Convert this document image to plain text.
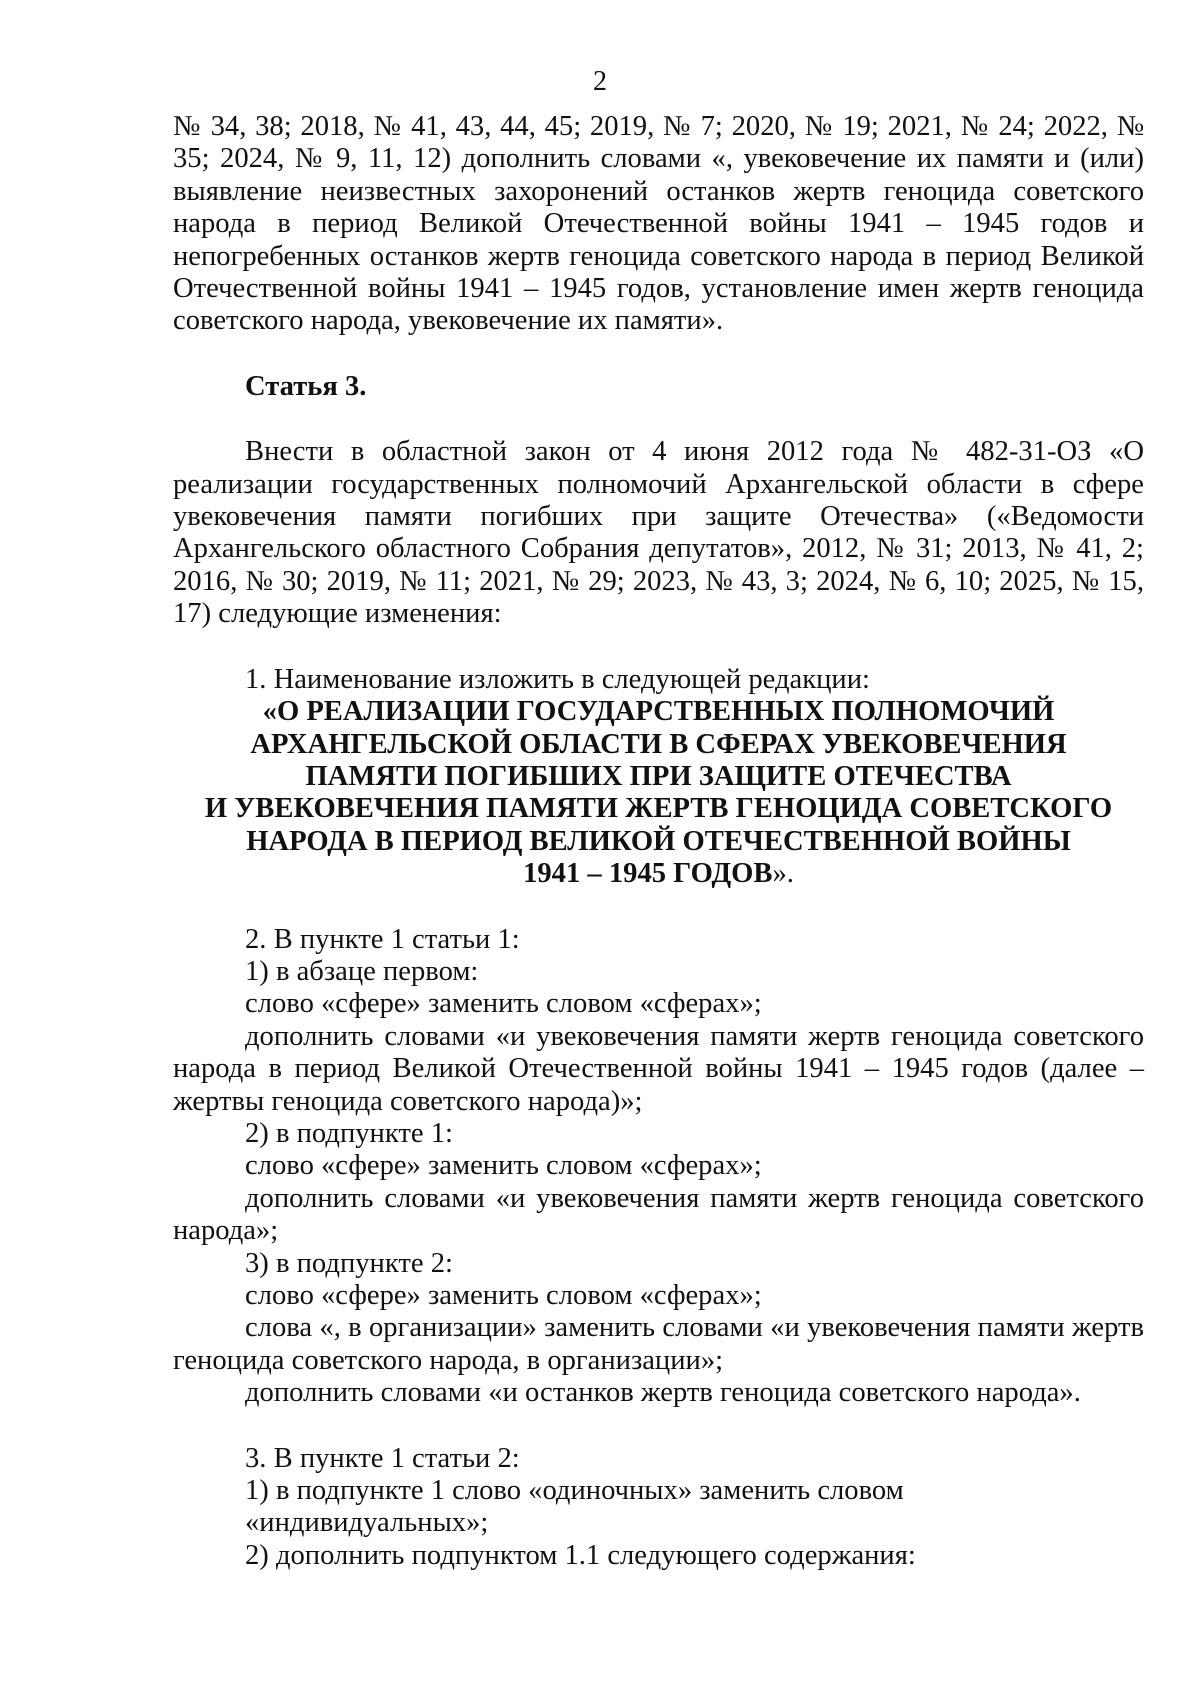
2

№ 34, 38; 2018, № 41, 43, 44, 45; 2019, № 7; 2020, № 19; 2021, № 24; 2022, № 35; 2024, № 9, 11, 12) дополнить словами «, увековечение их памяти и (или) выявление неизвестных захоронений останков жертв геноцида советского народа в период Великой Отечественной войны 1941 – 1945 годов и непогребенных останков жертв геноцида советского народа в период Великой Отечественной войны 1941 – 1945 годов, установление имен жертв геноцида советского народа, увековечение их памяти».

Статья 3.

Внести в областной закон от 4 июня 2012 года № 482-31-ОЗ «О реализации государственных полномочий Архангельской области в сфере увековечения памяти погибших при защите Отечества» («Ведомости Архангельского областного Собрания депутатов», 2012, № 31; 2013, № 41, 2; 2016, № 30; 2019, № 11; 2021, № 29; 2023, № 43, 3; 2024, № 6, 10; 2025, № 15, 17) следующие изменения:

1. Наименование изложить в следующей редакции:

«О РЕАЛИЗАЦИИ ГОСУДАРСТВЕННЫХ ПОЛНОМОЧИЙ
АРХАНГЕЛЬСКОЙ ОБЛАСТИ В СФЕРАХ УВЕКОВЕЧЕНИЯ
ПАМЯТИ ПОГИБШИХ ПРИ ЗАЩИТЕ ОТЕЧЕСТВА
И УВЕКОВЕЧЕНИЯ ПАМЯТИ ЖЕРТВ ГЕНОЦИДА СОВЕТСКОГО
НАРОДА В ПЕРИОД ВЕЛИКОЙ ОТЕЧЕСТВЕННОЙ ВОЙНЫ
1941 – 1945 ГОДОВ».

2. В пункте 1 статьи 1:

1) в абзаце первом:

слово «сфере» заменить словом «сферах»;

дополнить словами «и увековечения памяти жертв геноцида советского народа в период Великой Отечественной войны 1941 – 1945 годов (далее – жертвы геноцида советского народа)»;

2) в подпункте 1:

слово «сфере» заменить словом «сферах»;

дополнить словами «и увековечения памяти жертв геноцида советского народа»;

3) в подпункте 2:

слово «сфере» заменить словом «сферах»;

слова «, в организации» заменить словами «и увековечения памяти жертв геноцида советского народа, в организации»;

дополнить словами «и останков жертв геноцида советского народа».

3. В пункте 1 статьи 2:

1) в подпункте 1 слово «одиночных» заменить словом «индивидуальных»;

2) дополнить подпунктом 1.1 следующего содержания:
